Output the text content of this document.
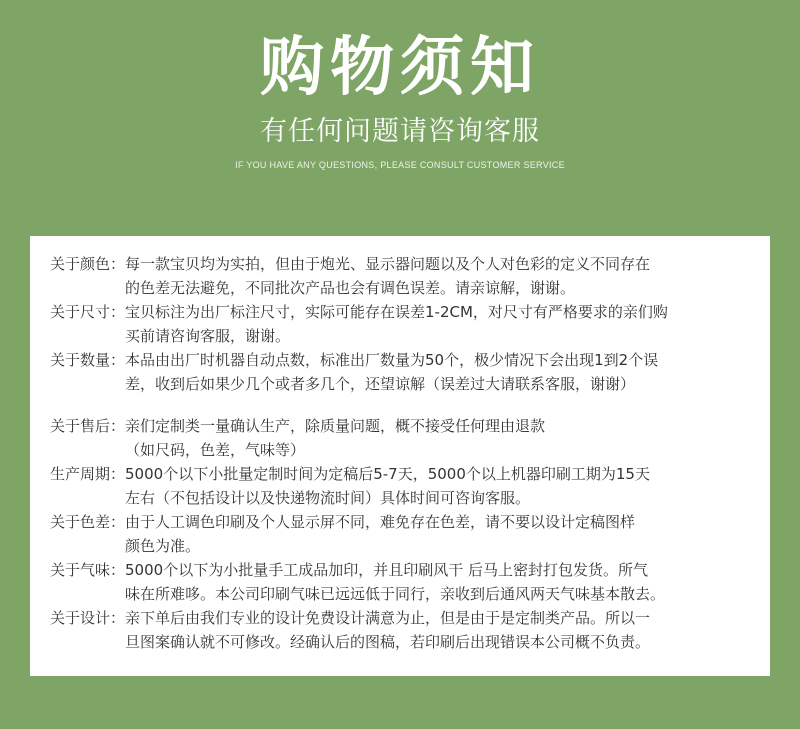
购物须知
有任何问题请咨询客服
IF YOU HAVE ANY QUESTIONS, PLEASE CONSULT CUSTOMER SERVICE
关于颜色： 每一款宝贝均为实拍，但由于炮光、显示器问题以及个人对色彩的定义不同存在
的色差无法避免，不同批次产品也会有调色误差。请亲谅解，谢谢。
关于尺寸： 宝贝标注为出厂标注尺寸，实际可能存在误差1-2CM，对尺寸有严格要求的亲们购
买前请咨询客服，谢谢。
关于数量： 本品由出厂时机器自动点数，标准出厂数量为50个，极少情况下会出现1到2个误
差，收到后如果少几个或者多几个，还望谅解（误差过大请联系客服，谢谢）
关于售后： 亲们定制类一量确认生产，除质量问题，概不接受任何理由退款
（如尺码，色差，气味等）
生产周期： 5000个以下小批量定制时间为定稿后5-7天，5000个以上机器印刷工期为15天
左右（不包括设计以及快递物流时间）具体时间可咨询客服。
关于色差： 由于人工调色印刷及个人显示屏不同，难免存在色差，请不要以设计定稿图样
颜色为准。
关于气味： 5000个以下为小批量手工成品加印，并且印刷风干 后马上密封打包发货。所气
味在所难哆。本公司印刷气味已远远低于同行，亲收到后通风两天气味基本散去。
关于设计： 亲下单后由我们专业的设计免费设计满意为止，但是由于是定制类产品。所以一
旦图案确认就不可修改。经确认后的图稿，若印刷后出现错误本公司概不负责。
